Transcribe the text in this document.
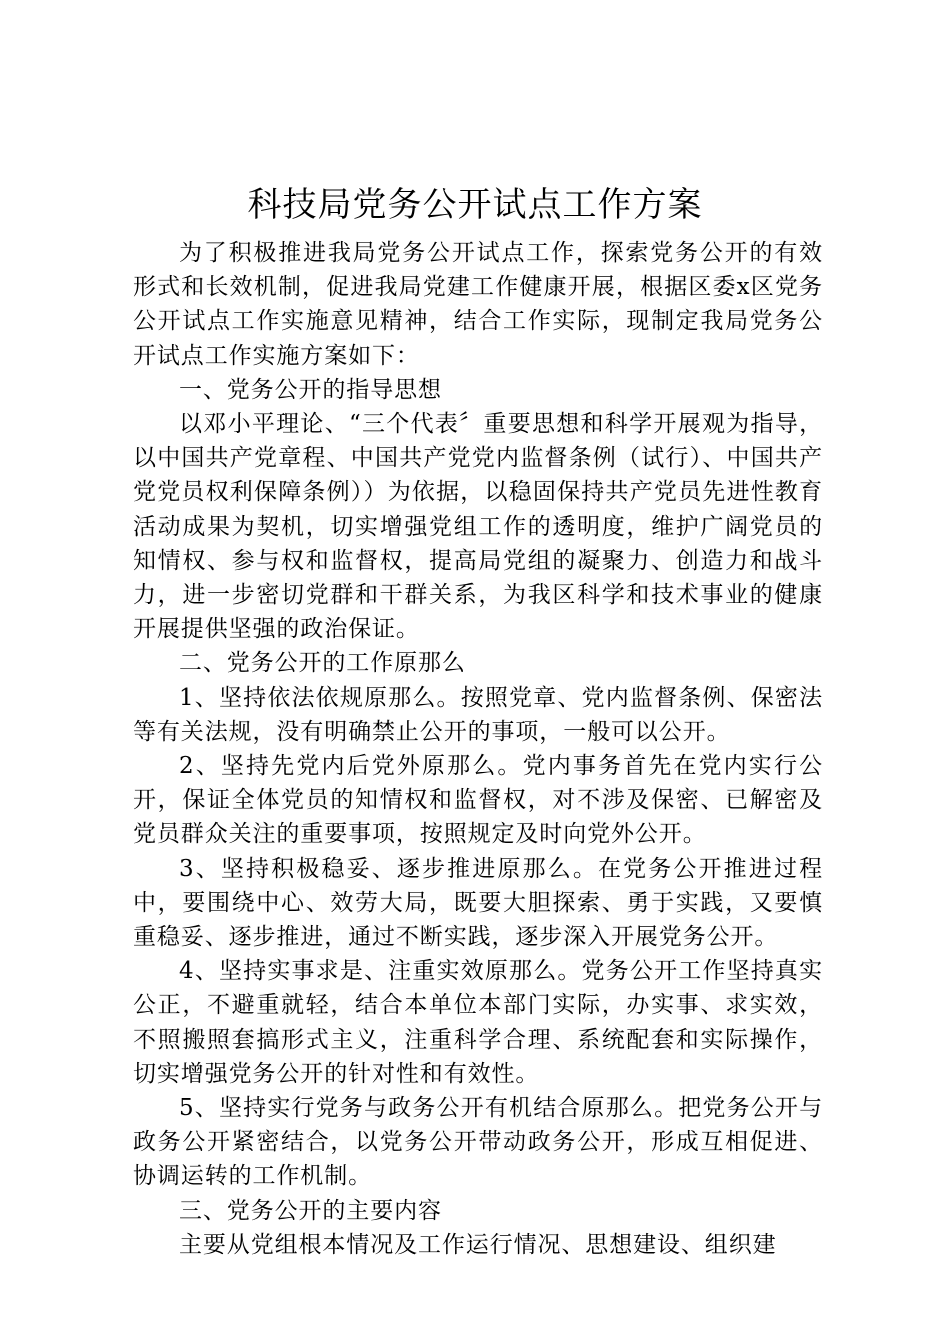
科技局党务公开试点工作方案

为了积极推进我局党务公开试点工作，探索党务公开的有效形式和长效机制，促进我局党建工作健康开展，根据区委x区党务公开试点工作实施意见精神，结合工作实际，现制定我局党务公开试点工作实施方案如下：

一、党务公开的指导思想

以邓小平理论、“三个代表〞重要思想和科学开展观为指导，以中国共产党章程、中国共产党党内监督条例（试行）、中国共产党党员权利保障条例））为依据，以稳固保持共产党员先进性教育活动成果为契机，切实增强党组工作的透明度，维护广阔党员的知情权、参与权和监督权，提高局党组的凝聚力、创造力和战斗力，进一步密切党群和干群关系，为我区科学和技术事业的健康开展提供坚强的政治保证。

二、党务公开的工作原那么

1、坚持依法依规原那么。按照党章、党内监督条例、保密法等有关法规，没有明确禁止公开的事项，一般可以公开。

2、坚持先党内后党外原那么。党内事务首先在党内实行公开，保证全体党员的知情权和监督权，对不涉及保密、已解密及党员群众关注的重要事项，按照规定及时向党外公开。

3、坚持积极稳妥、逐步推进原那么。在党务公开推进过程中，要围绕中心、效劳大局，既要大胆探索、勇于实践，又要慎重稳妥、逐步推进，通过不断实践，逐步深入开展党务公开。

4、坚持实事求是、注重实效原那么。党务公开工作坚持真实公正，不避重就轻，结合本单位本部门实际，办实事、求实效，不照搬照套搞形式主义，注重科学合理、系统配套和实际操作，切实增强党务公开的针对性和有效性。

5、坚持实行党务与政务公开有机结合原那么。把党务公开与政务公开紧密结合，以党务公开带动政务公开，形成互相促进、协调运转的工作机制。

三、党务公开的主要内容

主要从党组根本情况及工作运行情况、思想建设、组织建
